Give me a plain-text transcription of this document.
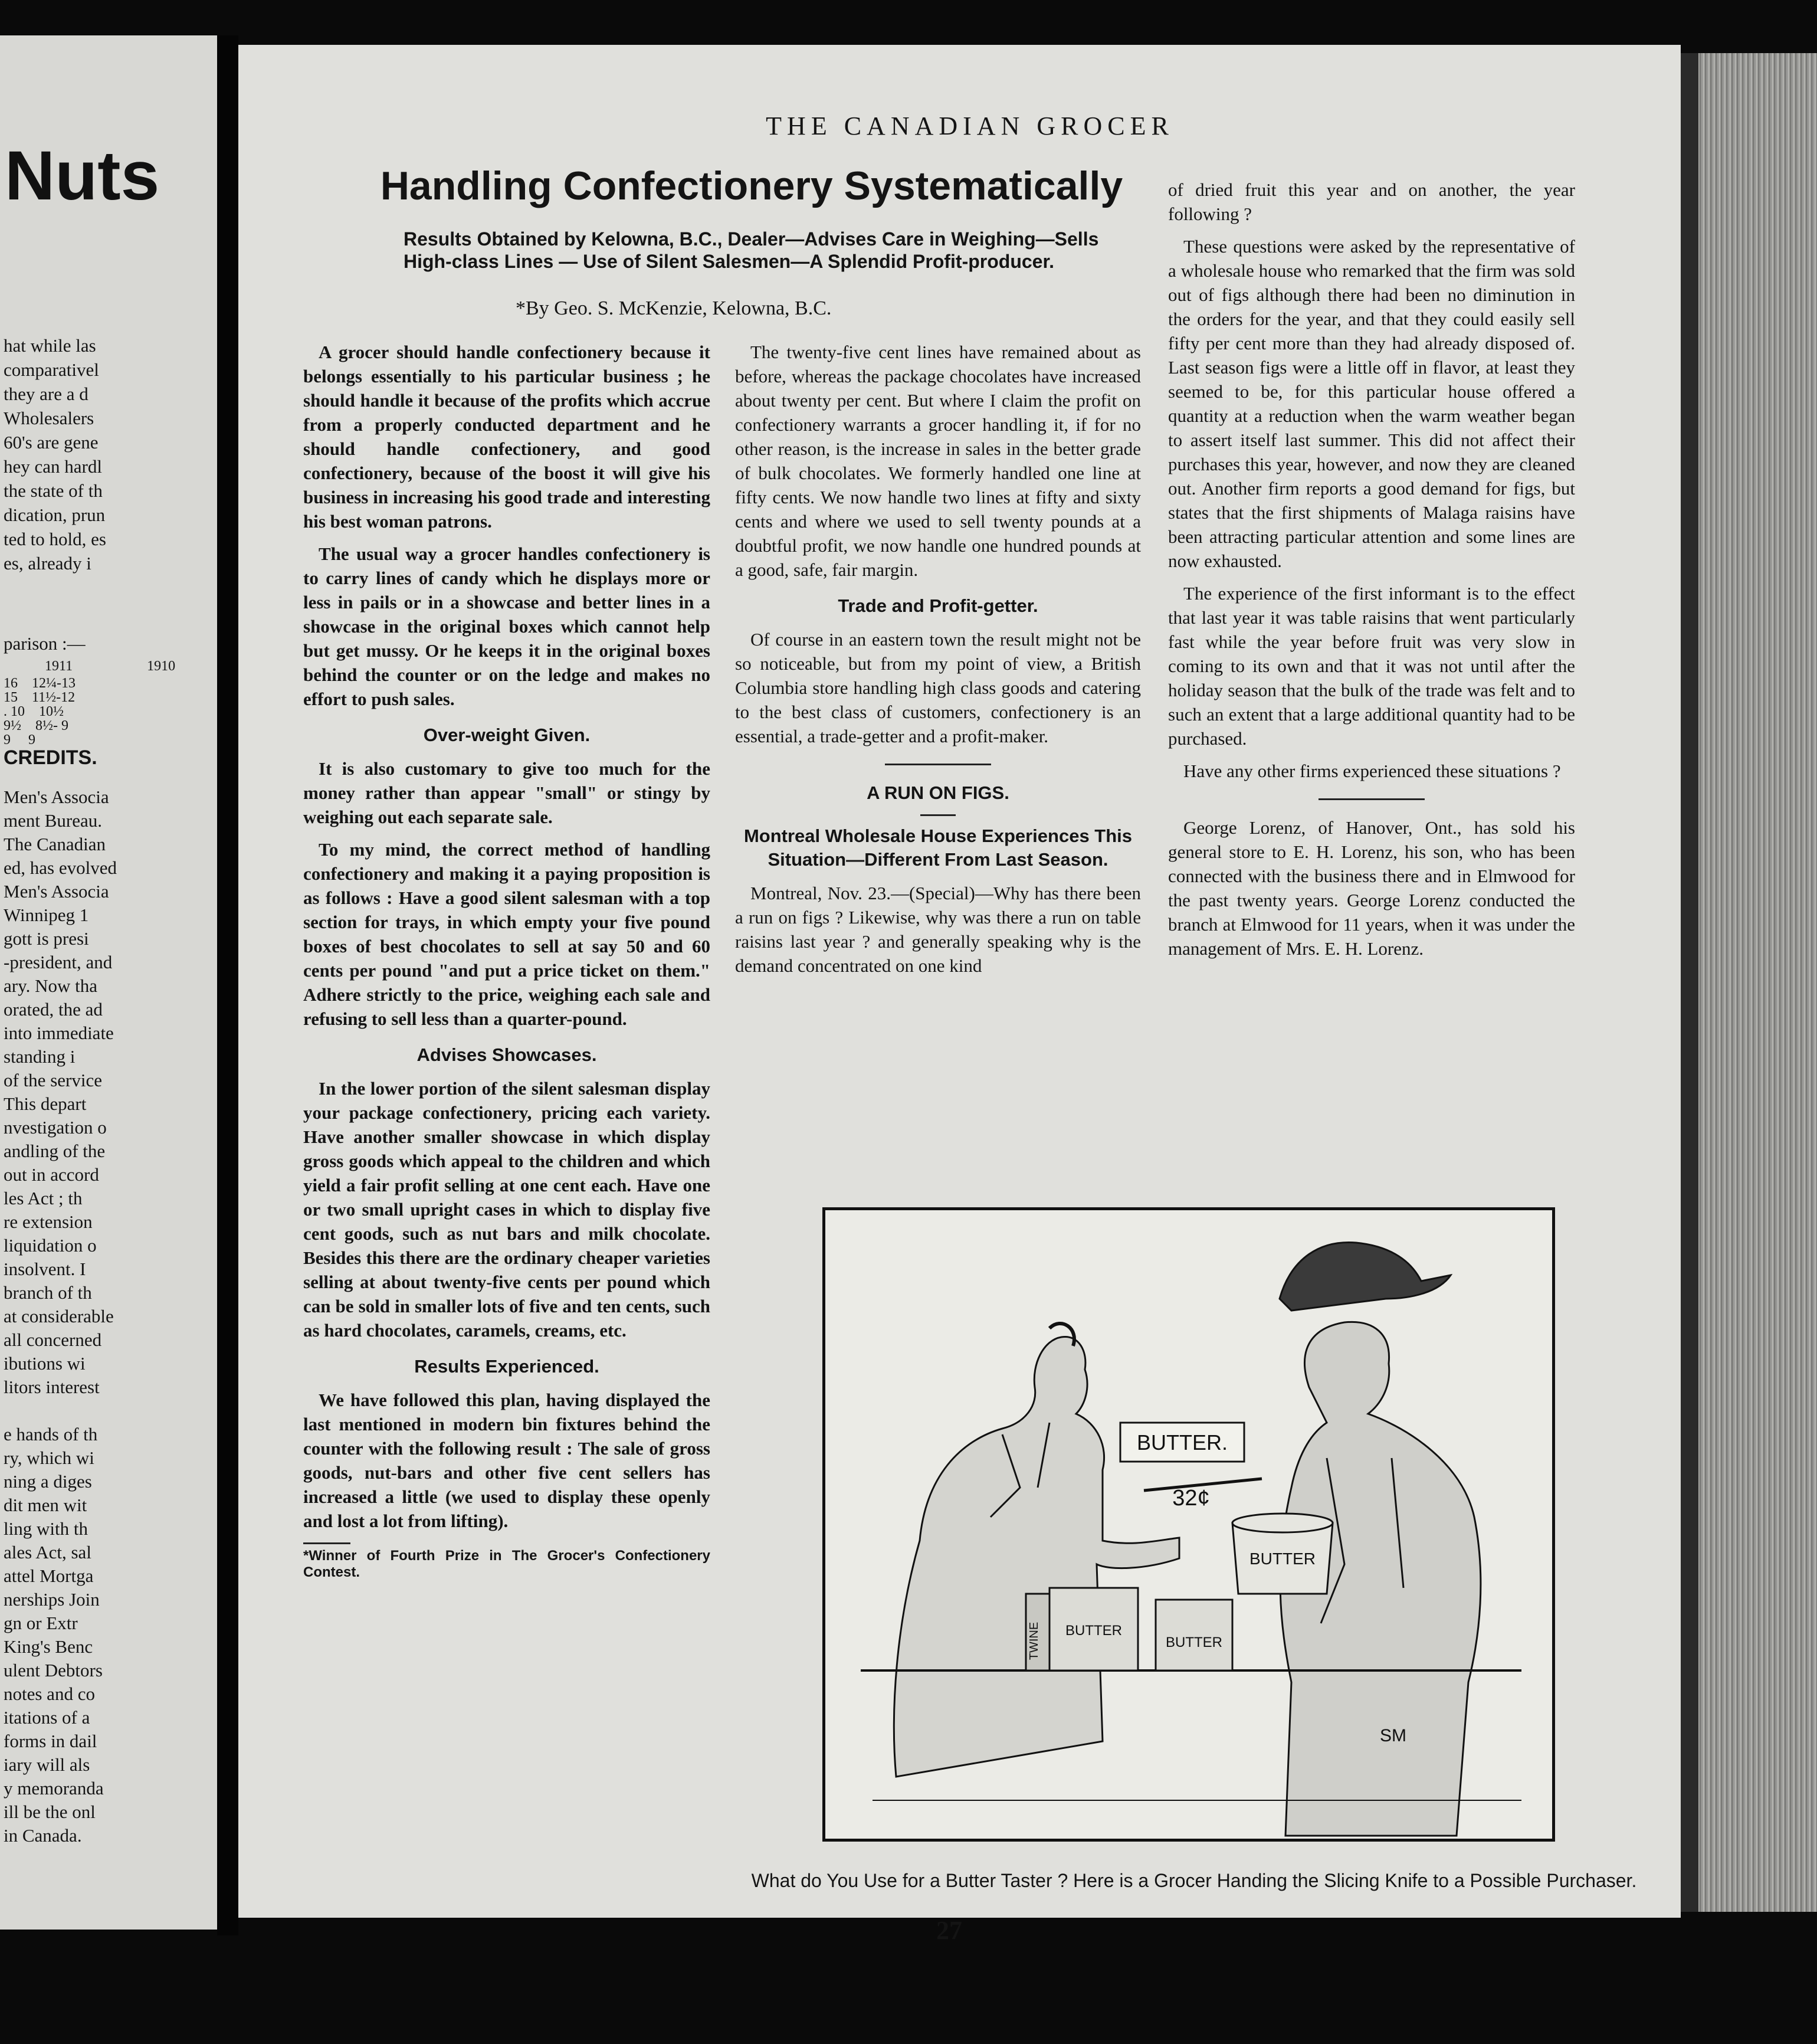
Nuts
hat while las
comparativel
they are a d
Wholesalers
60's are gene
hey can hardl
the state of th
dication, prun
ted to hold, es
es, already i
parison :—
1911	1910
16    12¼-13
15    11½-12
. 10    10½
9½    8½- 9
9     9
CREDITS.
Men's Associa
ment Bureau.
The Canadian
ed, has evolved
Men's Associa
Winnipeg 1
gott is presi
-president, and
ary. Now tha
orated, the ad
into immediate
standing i
of the service
This depart
nvestigation o
andling of the
out in accord
les Act ; th
re extension
liquidation o
insolvent. I
branch of th
at considerable
all concerned
ibutions wi
litors interest
e hands of th
ry, which wi
ning a diges
dit men wit
ling with th
ales Act, sal
attel Mortga
nerships Join
gn or Extr
King's Benc
ulent Debtors
notes and co
itations of a
forms in dail
iary will als
y memoranda
ill be the onl
in Canada.
THE CANADIAN GROCER
Handling Confectionery Systematically
Results Obtained by Kelowna, B.C., Dealer—Advises Care in Weighing—Sells High-class Lines — Use of Silent Salesmen—A Splendid Profit-producer.
*By Geo. S. McKenzie, Kelowna, B.C.

A grocer should handle confectionery because it belongs essentially to his particular business ; he should handle it because of the profits which accrue from a properly conducted department and he should handle confectionery, and good confectionery, because of the boost it will give his business in increasing his good trade and interesting his best woman patrons.

The usual way a grocer handles confectionery is to carry lines of candy which he displays more or less in pails or in a showcase and better lines in a showcase in the original boxes which cannot help but get mussy. Or he keeps it in the original boxes behind the counter or on the ledge and makes no effort to push sales.

Over-weight Given.

It is also customary to give too much for the money rather than appear "small" or stingy by weighing out each separate sale.

To my mind, the correct method of handling confectionery and making it a paying proposition is as follows : Have a good silent salesman with a top section for trays, in which empty your five pound boxes of best chocolates to sell at say 50 and 60 cents per pound "and put a price ticket on them." Adhere strictly to the price, weighing each sale and refusing to sell less than a quarter-pound.

Advises Showcases.

In the lower portion of the silent salesman display your package confectionery, pricing each variety. Have another smaller showcase in which display gross goods which appeal to the children and which yield a fair profit selling at one cent each. Have one or two small upright cases in which to display five cent goods, such as nut bars and milk chocolate. Besides this there are the ordinary cheaper varieties selling at about twenty-five cents per pound which can be sold in smaller lots of five and ten cents, such as hard chocolates, caramels, creams, etc.

Results Experienced.

We have followed this plan, having displayed the last mentioned in modern bin fixtures behind the counter with the following result : The sale of gross goods, nut-bars and other five cent sellers has increased a little (we used to display these openly and lost a lot from lifting).

*Winner of Fourth Prize in The Grocer's Confectionery Contest.

The twenty-five cent lines have remained about as before, whereas the package chocolates have increased about twenty per cent. But where I claim the profit on confectionery warrants a grocer handling it, if for no other reason, is the increase in sales in the better grade of bulk chocolates. We formerly handled one line at fifty cents. We now handle two lines at fifty and sixty cents and where we used to sell twenty pounds at a doubtful profit, we now handle one hundred pounds at a good, safe, fair margin.

Trade and Profit-getter.

Of course in an eastern town the result might not be so noticeable, but from my point of view, a British Columbia store handling high class goods and catering to the best class of customers, confectionery is an essential, a trade-getter and a profit-maker.

A RUN ON FIGS.
Montreal Wholesale House Experiences This Situation—Different From Last Season.

Montreal, Nov. 23.—(Special)—Why has there been a run on figs ? Likewise, why was there a run on table raisins last year ? and generally speaking why is the demand concentrated on one kind

of dried fruit this year and on another, the year following ?

These questions were asked by the representative of a wholesale house who remarked that the firm was sold out of figs although there had been no diminution in the orders for the year, and that they could easily sell fifty per cent more than they had already disposed of. Last season figs were a little off in flavor, at least they seemed to be, for this particular house offered a quantity at a reduction when the warm weather began to assert itself last summer. This did not affect their purchases this year, however, and now they are cleaned out. Another firm reports a good demand for figs, but states that the first shipments of Malaga raisins have been attracting particular attention and some lines are now exhausted.

The experience of the first informant is to the effect that last year it was table raisins that went particularly fast while the year before fruit was very slow in coming to its own and that it was not until after the holiday season that the bulk of the trade was felt and to such an extent that a large additional quantity had to be purchased.

Have any other firms experienced these situations ?

George Lorenz, of Hanover, Ont., has sold his general store to E. H. Lorenz, his son, who has been connected with the business there and in Elmwood for the past twenty years. George Lorenz conducted the branch at Elmwood for 11 years, when it was under the management of Mrs. E. H. Lorenz.

BUTTER.
32¢
BUTTER
BUTTER
BUTTER
TWINE
SM
What do You Use for a Butter Taster ? Here is a Grocer Handing the Slicing Knife to a Possible Purchaser.
27
